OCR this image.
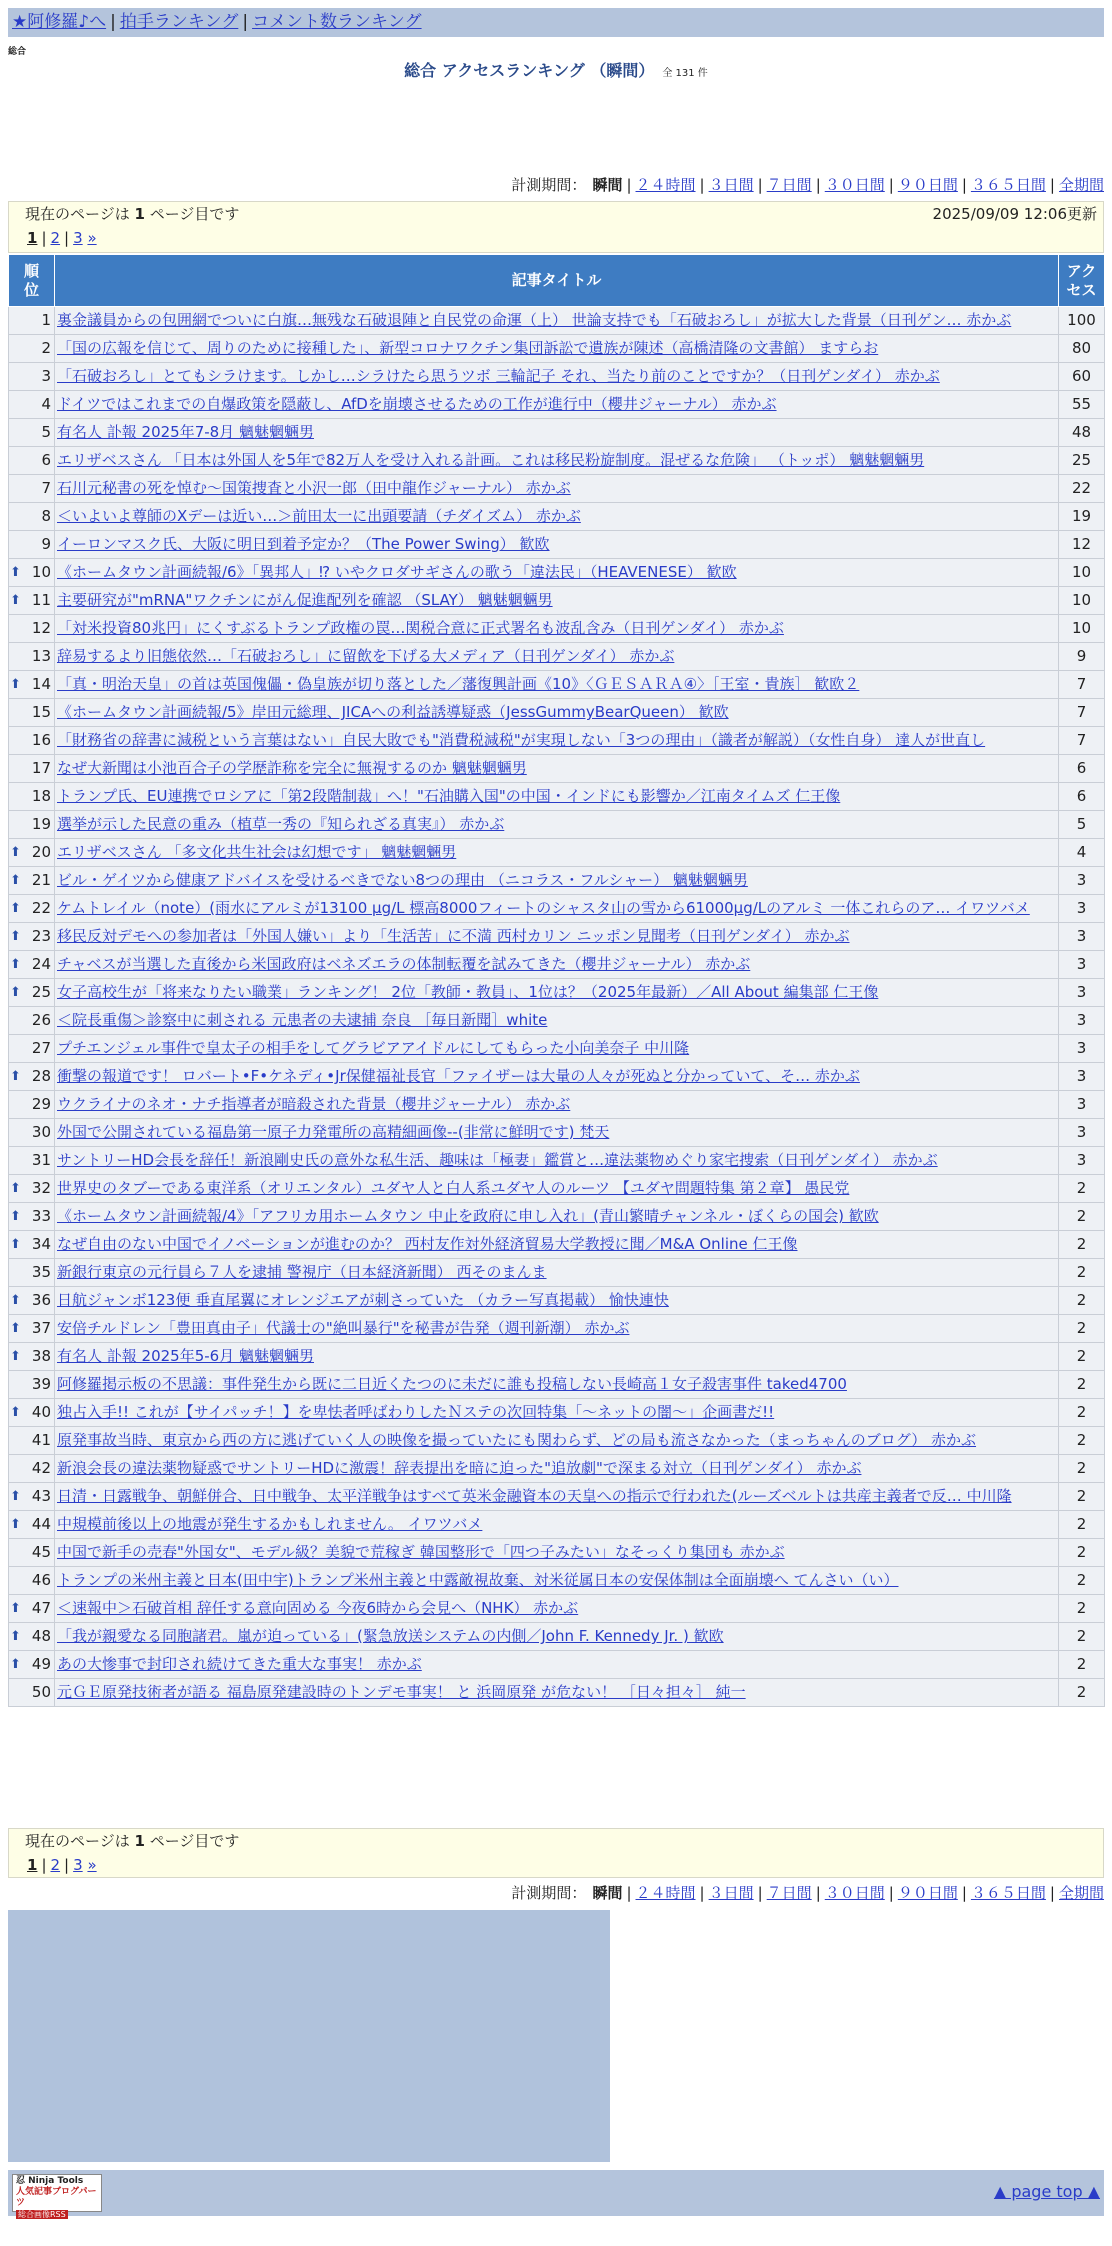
★阿修羅♪へ | 拍手ランキング | コメント数ランキング
総合
総合 アクセスランキング （瞬間） 全 131 件
計測期間： 瞬間 | ２４時間 | ３日間 | ７日間 | ３０日間 | ９０日間 | ３６５日間 | 全期間
現在のページは 1 ページ目です	2025/09/09 12:06更新
1 | 2 | 3 »
順位	記事タイトル	アクセス
1	裏金議員からの包囲網でついに白旗…無残な石破退陣と自民党の命運（上） 世論支持でも「石破おろし」が拡大した背景（日刊ゲン… 赤かぶ	100
2	「国の広報を信じて、周りのために接種した」、新型コロナワクチン集団訴訟で遺族が陳述（高橋清隆の文書館） ますらお	80
3	「石破おろし」とてもシラけます。しかし…シラけたら思うツボ 三輪記子 それ、当たり前のことですか？（日刊ゲンダイ） 赤かぶ	60
4	ドイツではこれまでの自爆政策を隠蔽し、AfDを崩壊させるための工作が進行中（櫻井ジャーナル） 赤かぶ	55
5	有名人 訃報 2025年7-8月 魑魅魍魎男	48
6	エリザベスさん 「日本は外国人を5年で82万人を受け入れる計画。これは移民粉旋制度。混ぜるな危険」 （トッポ） 魑魅魍魎男	25
7	石川元秘書の死を悼む〜国策捜査と小沢一郎（田中龍作ジャーナル） 赤かぶ	22
8	＜いよいよ尊師のXデーは近い…＞前田太一に出頭要請（チダイズム） 赤かぶ	19
9	イーロンマスク氏、大阪に明日到着予定か？（The Power Swing） 歓欧	12

⬆ 10	《ホームタウン計画続報/6》「異邦人」⁉ いやクロダサギさんの歌う「違法民」（HEAVENESE） 歓欧	10

⬆ 11	主要研究が"mRNA"ワクチンにがん促進配列を確認 （SLAY） 魑魅魍魎男	10
12	「対米投資80兆円」にくすぶるトランプ政権の罠…関税合意に正式署名も波乱含み（日刊ゲンダイ） 赤かぶ	10
13	辞易するより旧態依然…「石破おろし」に留飲を下げる大メディア（日刊ゲンダイ） 赤かぶ	9

⬆ 14	「真・明治天皇」の首は英国傀儡・偽皇族が切り落とした／藩復興計画《10》〈ＧＥＳＡＲＡ④〉［王室・貴族］ 歓欧２	7
15	《ホームタウン計画続報/5》岸田元総理、JICAへの利益誘導疑惑（JessGummyBearQueen） 歓欧	7
16	「財務省の辞書に減税という言葉はない」自民大敗でも"消費税減税"が実現しない「3つの理由」（識者が解説）（女性自身） 達人が世直し	7
17	なぜ大新聞は小池百合子の学歴詐称を完全に無視するのか 魑魅魍魎男	6
18	トランプ氏、EU連携でロシアに「第2段階制裁」へ！"石油購入国"の中国・インドにも影響か／江南タイムズ 仁王像	6
19	選挙が示した民意の重み（植草一秀の『知られざる真実』） 赤かぶ	5

⬆ 20	エリザベスさん 「多文化共生社会は幻想です」 魑魅魍魎男	4

⬆ 21	ビル・ゲイツから健康アドバイスを受けるべきでない8つの理由 （ニコラス・フルシャー） 魑魅魍魎男	3

⬆ 22	ケムトレイル（note）(雨水にアルミが13100 μg/L 標高8000フィートのシャスタ山の雪から61000μg/Lのアルミ 一体これらのア… イワツバメ	3

⬆ 23	移民反対デモへの参加者は「外国人嫌い」より「生活苦」に不満 西村カリン ニッポン見聞考（日刊ゲンダイ） 赤かぶ	3

⬆ 24	チャベスが当選した直後から米国政府はベネズエラの体制転覆を試みてきた（櫻井ジャーナル） 赤かぶ	3

⬆ 25	女子高校生が「将来なりたい職業」ランキング！ 2位「教師・教員」、1位は？（2025年最新）／All About 編集部 仁王像	3
26	＜院長重傷＞診察中に刺される 元患者の夫逮捕 奈良 ［毎日新聞］white	3
27	プチエンジェル事件で皇太子の相手をしてグラビアアイドルにしてもらった小向美奈子 中川隆	3

⬆ 28	衝撃の報道です！ ロバート•F•ケネディ•Jr保健福祉長官「ファイザーは大量の人々が死ぬと分かっていて、そ… 赤かぶ	3
29	ウクライナのネオ・ナチ指導者が暗殺された背景（櫻井ジャーナル） 赤かぶ	3
30	外国で公開されている福島第一原子力発電所の高精細画像--(非常に鮮明です) 梵天	3
31	サントリーHD会長を辞任！新浪剛史氏の意外な私生活、趣味は「極妻」鑑賞と…違法薬物めぐり家宅捜索（日刊ゲンダイ） 赤かぶ	3

⬆ 32	世界史のタブーである東洋系（オリエンタル）ユダヤ人と白人系ユダヤ人のルーツ 【ユダヤ問題特集 第２章】 愚民党	2

⬆ 33	《ホームタウン計画続報/4》「アフリカ用ホームタウン 中止を政府に申し入れ」(青山繁晴チャンネル・ぼくらの国会) 歓欧	2

⬆ 34	なぜ自由のない中国でイノベーションが進むのか？ 西村友作対外経済貿易大学教授に聞／M&A Online 仁王像	2
35	新銀行東京の元行員ら７人を逮捕 警視庁（日本経済新聞） 西そのまんま	2

⬆ 36	日航ジャンボ123便 垂直尾翼にオレンジエアが刺さっていた （カラー写真掲載） 愉快連快	2

⬆ 37	安倍チルドレン「豊田真由子」代議士の"絶叫暴行"を秘書が告発（週刊新潮） 赤かぶ	2

⬆ 38	有名人 訃報 2025年5-6月 魑魅魍魎男	2
39	阿修羅掲示板の不思議：事件発生から既に二日近くたつのに未だに誰も投稿しない長崎高１女子殺害事件 taked4700	2

⬆ 40	独占入手!! これが【サイパッチ！】を卑怯者呼ばわりしたＮステの次回特集「〜ネットの闇〜」企画書だ!!	2
41	原発事故当時、東京から西の方に逃げていく人の映像を撮っていたにも関わらず、どの局も流さなかった（まっちゃんのブログ） 赤かぶ	2
42	新浪会長の違法薬物疑惑でサントリーHDに激震！辞表提出を暗に迫った"追放劇"で深まる対立（日刊ゲンダイ） 赤かぶ	2

⬆ 43	日清・日露戦争、朝鮮併合、日中戦争、太平洋戦争はすべて英米金融資本の天皇への指示で行われた(ルーズベルトは共産主義者で反… 中川隆	2

⬆ 44	中規模前後以上の地震が発生するかもしれません。 イワツバメ	2
45	中国で新手の売春"外国女"、モデル級？美貌で荒稼ぎ 韓国整形で「四つ子みたい」なそっくり集団も 赤かぶ	2
46	トランプの米州主義と日本(田中宇)トランプ米州主義と中露敵視故棄、対米従属日本の安保体制は全面崩壊へ てんさい（い）	2

⬆ 47	＜速報中＞石破首相 辞任する意向固める 今夜6時から会見へ（NHK） 赤かぶ	2

⬆ 48	「我が親愛なる同胞諸君。嵐が迫っている」(緊急放送システムの内側／John F. Kennedy Jr. ) 歓欧	2

⬆ 49	あの大惨事で封印され続けてきた重大な事実！ 赤かぶ	2
50	元ＧＥ原発技術者が語る 福島原発建設時のトンデモ事実！ と 浜岡原発 が危ない！ ［日々担々］ 純一	2
現在のページは 1 ページ目です
1 | 2 | 3 »
計測期間： 瞬間 | ２４時間 | ３日間 | ７日間 | ３０日間 | ９０日間 | ３６５日間 | 全期間
忍 Ninja Tools
人気記事ブログパーツ
総合画像RSS
▲ page top ▲
